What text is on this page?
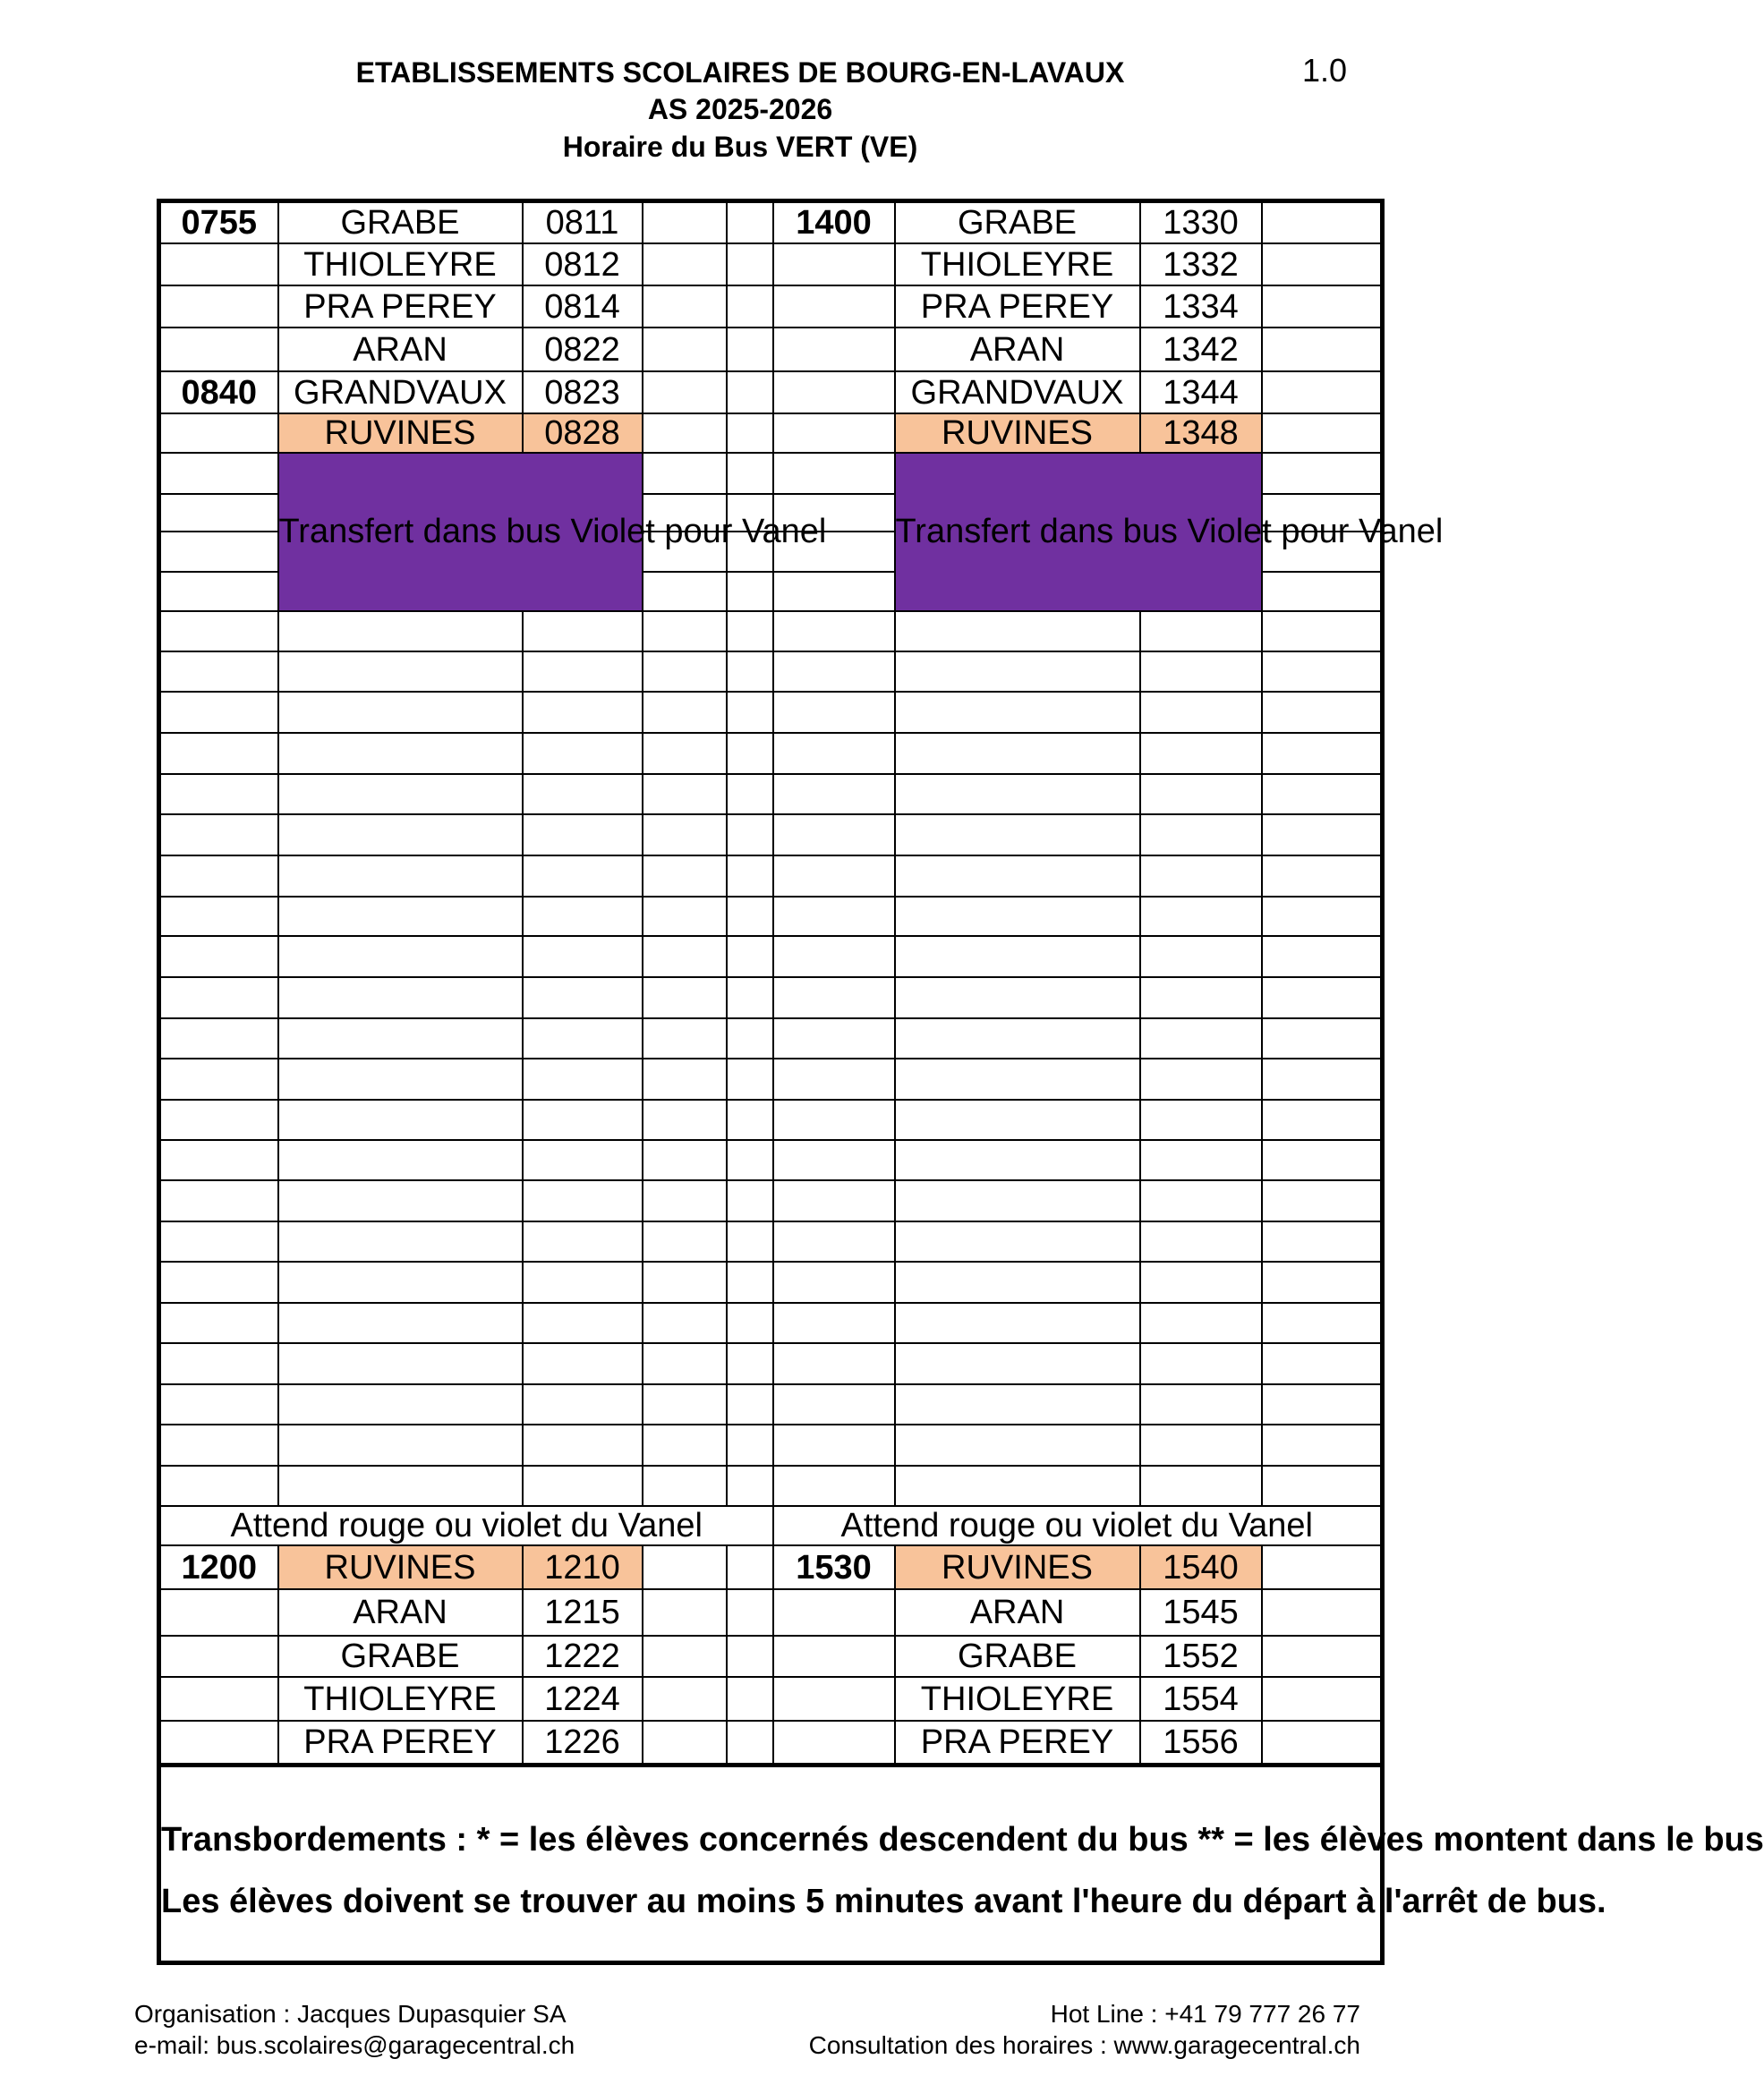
ETABLISSEMENTS SCOLAIRES DE BOURG-EN-LAVAUX
AS 2025-2026
Horaire du Bus VERT (VE)
1.0
0755	GRABE	0811			1400	GRABE	1330	
	THIOLEYRE	0812				THIOLEYRE	1332	
	PRA PEREY	0814				PRA PEREY	1334	
	ARAN	0822				ARAN	1342	
0840	GRANDVAUX	0823				GRANDVAUX	1344	
	RUVINES	0828				RUVINES	1348	
	Transfert dans bus Violet pour Vanel					Transfert dans bus Violet pour Vanel		

Attend rouge ou violet du Vanel					Attend rouge ou violet du Vanel			
1200	RUVINES	1210			1530	RUVINES	1540	
	ARAN	1215				ARAN	1545	
	GRABE	1222				GRABE	1552	
	THIOLEYRE	1224				THIOLEYRE	1554	
	PRA PEREY	1226				PRA PEREY	1556	

Transbordements : * = les élèves concernés descendent du bus ** = les élèves montent dans le bus

Les élèves doivent se trouver au moins 5 minutes avant l'heure du départ à l'arrêt de bus.								

Organisation : Jacques Dupasquier SA
e-mail: bus.scolaires@garagecentral.ch
Hot Line : +41 79 777 26 77
Consultation des horaires : www.garagecentral.ch
